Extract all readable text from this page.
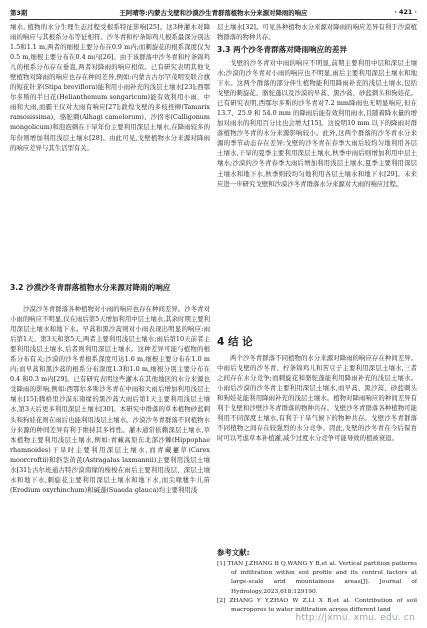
第3期	王阿晴等:内蒙古戈壁和沙漠沙生青群落植物水分来源对降雨的响应	· 421 ·

壤水, 植物的水分生理生态过程受根系特征影响[25]。这3种灌木对降雨的响应与其根系分布等征相符。沙冬青和柠条锦鸡儿根系最深分别达1.5和1.1 m,两者的细根主要分布在0.9 m内;而刺旋花的根系深度仅为0.5 m,细根主要分布在0.4 m内[26]。由于该群落中沙冬青和柠条锦鸡儿的根系分布存在垂直,两者对降雨的响应相似。已有研究表明其他戈壁植物对降雨的响应也存在种间差异,例如:内蒙古古尔罕茂明安联合旗的短花针茅(Stipa breviflora)能利用小雨补充的浅层土壤水[23];西鄂尔多斯的半日花(Helianthemum songaricum)能有效利用小雨、中雨和大雨,而霸王仅对大雨有响应[27];敦煌戈壁的多枝柽柳(Tamarix ramosissima)、骆驼刺(Alhagi camelorum)、沙拐枣(Calligonum mongolicum)和泡泡刺在干旱年份主要利用深层土壤水,在降雨较多的年份则增加利用浅层土壤水[28]。由此可见,戈壁植物水分来源对降雨的响应差异与其生活型有关。

3.2 沙漠沙冬青群落植物水分来源对降雨的响应

沙漠沙冬青群落各种植物对小雨的响应也存在种间差异。沙冬青对小雨的响应不明显,仅在雨后第5天增加利用中层土壤水,其余时期主要利用深层土壤水和地下水。早蒿和黑沙蒿则对小雨表现出明显的响应:雨后第1天、第3天和第5天,两者主要利用浅层土壤水;雨后第10天前者主要利用浅层土壤水,后者则利用深层土壤水。这种差异可能与植物的根系分布有关;沙漠的沙冬青根系深度可达1.6 m,细根主要分布在1.0 m内;而早蒿和黑沙蒿的根系分布深度1.3和1.0 m,细根分别主要分布在0.4 和0.3 m内[29]。已有研究表明这些灌木在其他地区的水分来源也受降雨的影响,例如:西鄂尔多斯沙冬青在中雨和大雨后增加利用浅层土壤水[15];腾格里沙漠东南缘的黑沙蒿大雨后第1天主要利用浅层土壤水,第3天后更多利用深层土壤水[30]。本研究中群落的草本植物砂蓝刺头和狗娃花则在雨后也能利用浅层土壤水。沙漠沙冬青群落不同植物水分来源的种间差异有利于维持其多样性。灌木通常依赖深层土壤水,草本植物主要利用浅层土壤水,例如:青藏高原东北部沙棘(Hippophae rhamnoides)干旱时主要利用深层土壤水,而青藏薹草(Carex moorcroftii)和斜茎黄芪(Astragalus laxmannii)主要利用浅层土壤水[31];古尔班通古特沙漠南缘的梭梭在雨后主要利用浅层、深层土壤水和地下水,刺旋花主要利用深层土壤水和地下水,而尖喙牻牛儿苗(Erodium oxyrhinchum)和碱蓬(Suaeda glauca)均主要利用浅

层土壤水[32]。可见各种植物水分来源对降雨的响应差异有利于沙漠植物群落的物种共存。

3.3 两个沙冬青群落对降雨响应的差异

戈壁的沙冬青对中雨的响应不明显,前期主要利用中层和深层土壤水;沙漠的沙冬青对小雨的响应也不明显,雨后主要利用深层土壤水和地下水。这两个群落的部分伴生植物能利用降雨补充的浅层土壤水,包括戈壁的刺旋花、骆驼蓬以及沙漠的早蒿、黑沙蒿、砂蓝刺头和狗娃花。已有研究表明,西鄂尔多斯的沙冬青对7.2 mm降雨也无明显响应,但在13.7、25.9 和 54.0 mm 的降雨后能有效利用雨水,且随着降水量的增加对雨水的利用百分比也会增大[15]。这说明10 mm 以下的降雨对群落植物沙冬青的水分来源影响较小。此外,这两个群落的沙冬青水分来源的季节动态存在差异:戈壁的沙冬青在春季大雨后较均匀地利用各层土壤水,干旱的夏季主要利用深层土壤水,秋季中雨后则增加利用中层土壤水;沙漠的沙冬青春季大雨后增加利用浅层土壤水,夏季主要利用深层土壤水和地下水,秋季则较均匀地利用各层土壤水和地下水[29]。未来应进一步研究戈壁和沙漠沙冬青群落水分来源对大雨的响应过程。

4 结 论

两个沙冬青群落不同植物的水分来源对降雨的响应存在种间差异。中雨后戈壁的沙冬青、柠条锦鸡儿和苦豆子主要利用深层土壤水,三者之间存在水分竞争;而刺旋花和骆驼蓬能利用降雨补充的浅层土壤水。小雨后沙漠的沙冬青主要利用深层土壤水,而早蒿、黑沙蒿、砂蓝刺头和狗娃花能利用降雨补充的浅层土壤水。植物对降雨响应的种间差异有利于戈壁和沙壁沙冬青群落的物种共存。戈壁沙冬青群落各种植物可能利用不同深度土壤水,有利于干旱气候下的物种共存。戈壁沙冬青群落不同植物之间存在较强烈的水分竞争。因此,戈壁的沙冬青在今后保育时可以考虑草本补植灌,减少过度水分竞争可能导致的植被衰退。

参考文献:

[1] TIAN J,ZHANG B Q,WANG Y B,et al. Vertical partition patterns of infiltration within soil profile and its control factors at large-scale arid mountainous areas[J]. Journal of Hydrology,2023,618:129190.

[2] ZHANG Y Y,ZHAO W Z,LI X B,et al. Contribution of soil macropores to water infiltration across different land

http://jxmu. xmu. edu. cn
